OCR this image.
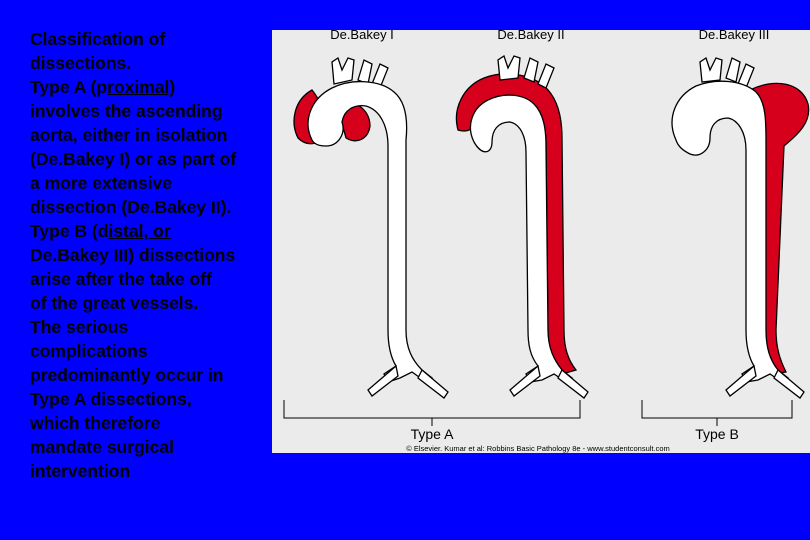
Classification of
dissections.
Type A (proximal)
involves the ascending
aorta, either in isolation
(De.Bakey I) or as part of
a more extensive
dissection (De.Bakey II).
Type B (distal, or
De.Bakey III) dissections
arise after the take off
of the great vessels.
The serious
complications
predominantly occur in
Type A dissections,
which therefore
mandate surgical
intervention
De.Bakey I	De.Bakey II	De.Bakey III
Type A	Type B
© Elsevier. Kumar et al: Robbins Basic Pathology 8e - www.studentconsult.com
